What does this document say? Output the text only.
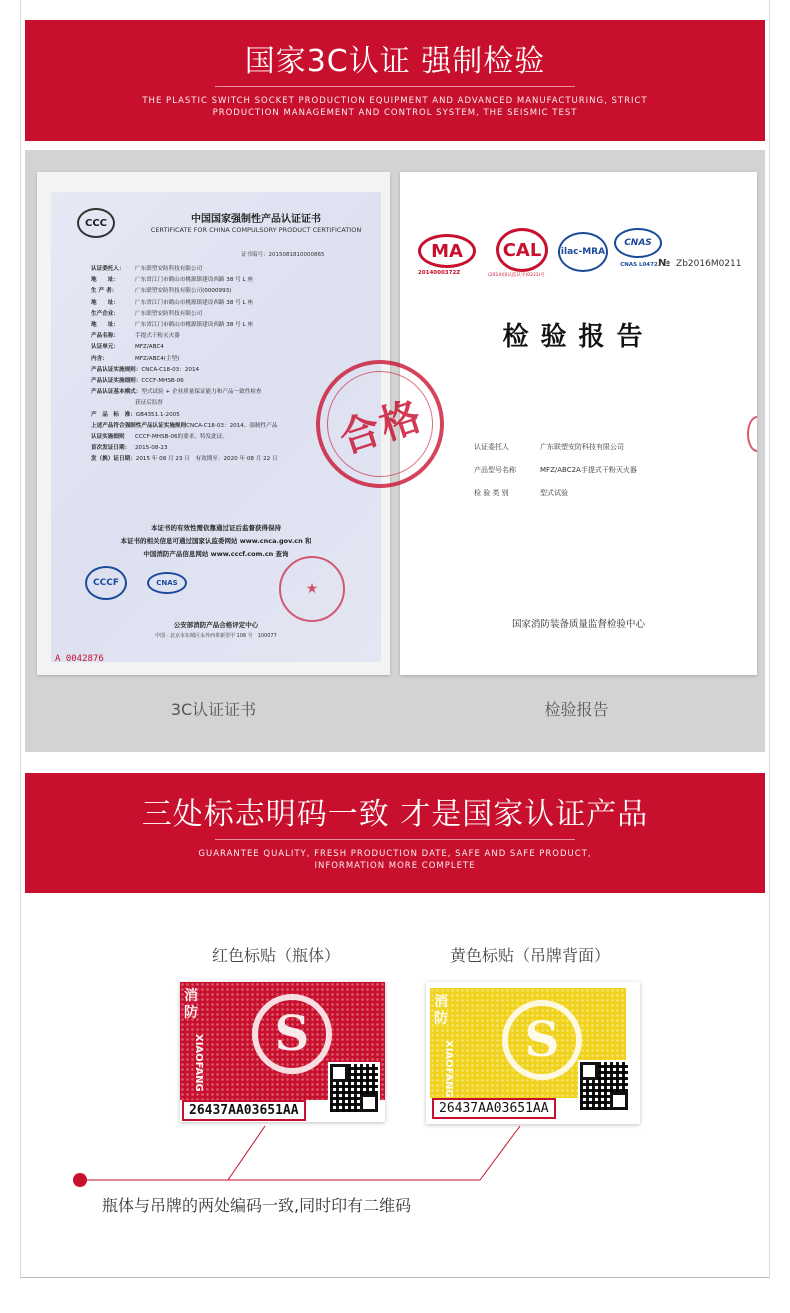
国家3C认证 强制检验
THE PLASTIC SWITCH SOCKET PRODUCTION EQUIPMENT AND ADVANCED MANUFACTURING, STRICT
PRODUCTION MANAGEMENT AND CONTROL SYSTEM, THE SEISMIC TEST
CCC	中国国家强制性产品认证证书
CERTIFICATE FOR CHINA COMPULSORY PRODUCT CERTIFICATION
证书编号：2015081810000865
认证委托人： 广东联塑安防科技有限公司
地　　址：	广东省江门市鹤山市桃源镇建设西路 38 号 L 座
生 产 者：	广东联塑安防科技有限公司(0000993)
地　　址：	广东省江门市鹤山市桃源镇建设西路 38 号 L 座
生产企业：	广东联塑安防科技有限公司
地　　址：	广东省江门市鹤山市桃源镇建设西路 38 号 L 座
产品名称：	手提式干粉灭火器
认证单元：	MFZ/ABC4
内含：	MFZ/ABC4(主型)
产品认证实施规则：CNCA-C18-03：2014
产品认证实施细则：CCCF-MHSB-06
产品认证基本模式：型式试验 + 企业质量保证能力和产品一致性检查
获证后监督
产　品　标　准：GB4351.1-2005
上述产品符合强制性产品认证实施规则CNCA-C18-03：2014、强制性产品
认证实施细则 CCCF-MHSB-06的要求，特发此证。
首次发证日期： 2015-08-23
发（换）证日期：2015 年 08 月 23 日　有效期至：2020 年 08 月 22 日
本证书的有效性需依靠通过证后监督获得保持
本证书的相关信息可通过国家认监委网站 www.cnca.gov.cn 和
中国消防产品信息网站 www.cccf.com.cn 查询
CCCF	CNAS	★
公安部消防产品合格评定中心
中国 · 北京市东城区永外西革新里甲 108 号　100077
A 0042876
MA
2014000372Z
CAL
(2014)国认监认字(0221)号
ilac-MRA
CNAS
CNAS L0472 № Zb2016M0211
检验报告
认证委托人	广东联塑安防科技有限公司
产品型号名称	MFZ/ABC2A手提式干粉灭火器
检 验 类 别	型式试验
国家消防装备质量监督检验中心
合格
3C认证证书	检验报告
三处标志明码一致 才是国家认证产品
GUARANTEE QUALITY, FRESH PRODUCTION DATE, SAFE AND SAFE PRODUCT,
INFORMATION MORE COMPLETE
红色标贴（瓶体）	黄色标贴（吊牌背面）
消防
XIAOFANG S
26437AA03651AA
消防
XIAOFANG S
26437AA03651AA
瓶体与吊牌的两处编码一致,同时印有二维码
